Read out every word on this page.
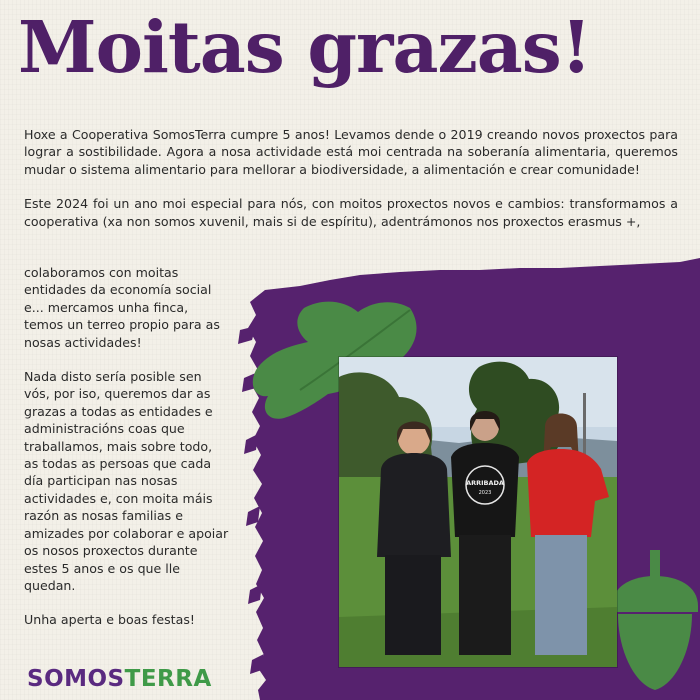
Moitas grazas!

Hoxe a Cooperativa SomosTerra cumpre 5 anos! Levamos dende o 2019 creando novos proxectos para lograr a sostibilidade. Agora a nosa actividade está moi centrada na soberanía alimentaria, queremos mudar o sistema alimentario para mellorar a biodiversidade, a alimentación e crear comunidade!

Este 2024 foi un ano moi especial para nós, con moitos proxectos novos e cambios: transformamos a cooperativa (xa non somos xuvenil, mais si de espíritu), adentrámonos nos proxectos erasmus +,

colaboramos con moitas entidades da economía social e... mercamos unha finca, temos un terreo propio para as nosas actividades!

Nada disto sería posible sen vós, por iso, queremos dar as grazas a todas as entidades e administracións coas que traballamos, mais sobre todo, as todas as persoas que cada día participan nas nosas actividades e, con moita máis razón as nosas familias e amizades por colaborar e apoiar os nosos proxectos durante estes 5 anos e os que lle quedan.

Unha aperta e boas festas!

ARRIBADA
2023
SOMOSTERRA
